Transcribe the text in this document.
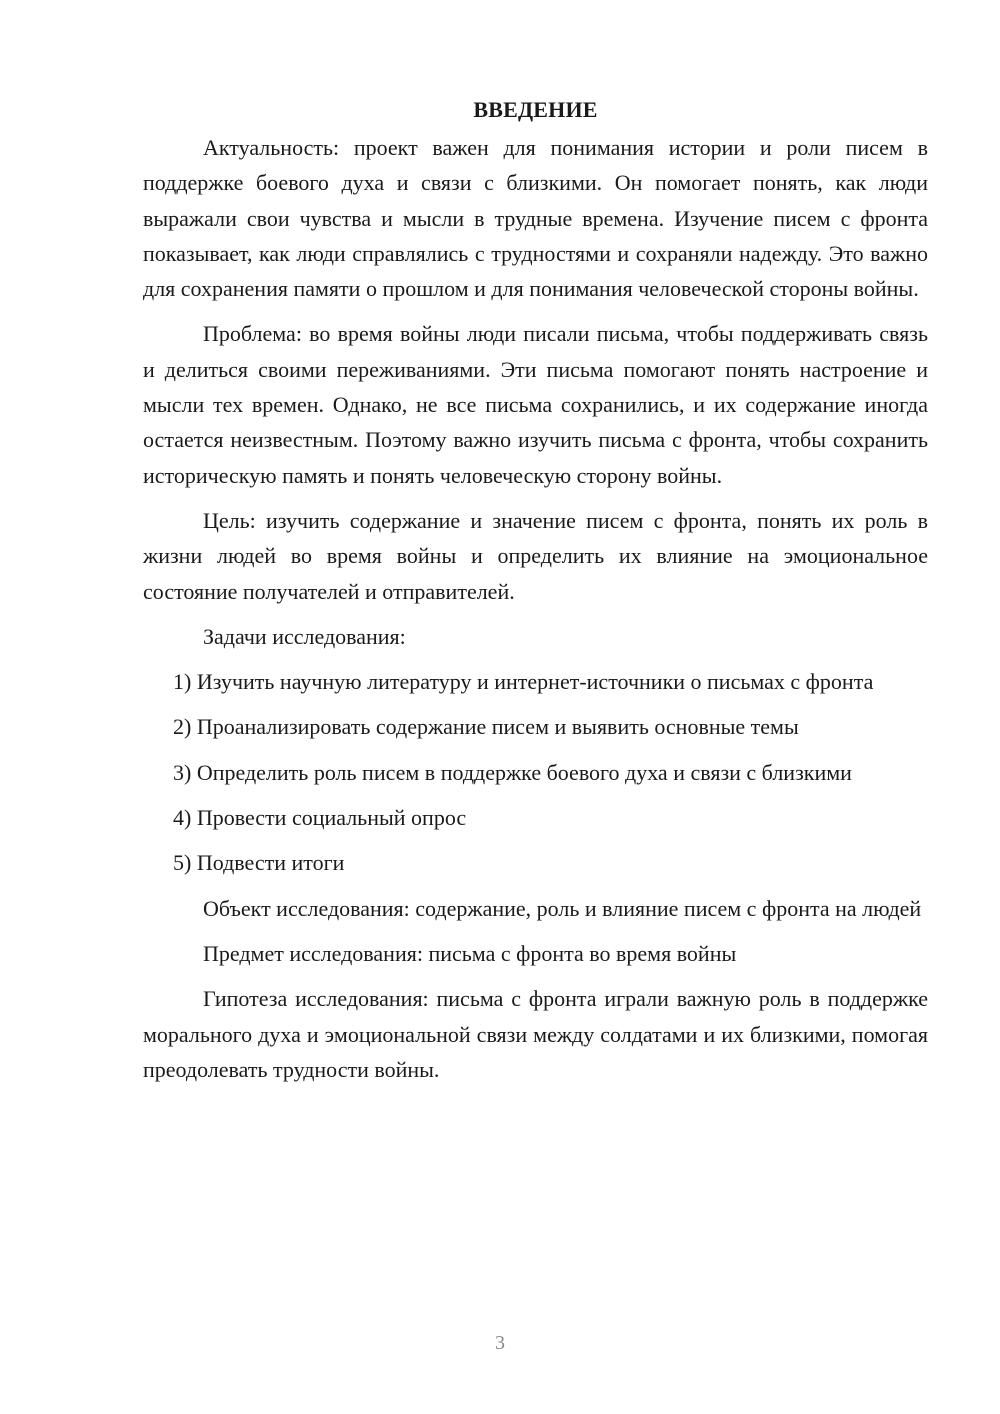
ВВЕДЕНИЕ

Актуальность: проект важен для понимания истории и роли писем в поддержке боевого духа и связи с близкими. Он помогает понять, как люди выражали свои чувства и мысли в трудные времена. Изучение писем с фронта показывает, как люди справлялись с трудностями и сохраняли надежду. Это важно для сохранения памяти о прошлом и для понимания человеческой стороны войны.

Проблема: во время войны люди писали письма, чтобы поддерживать связь и делиться своими переживаниями. Эти письма помогают понять настроение и мысли тех времен. Однако, не все письма сохранились, и их содержание иногда остается неизвестным. Поэтому важно изучить письма с фронта, чтобы сохранить историческую память и понять человеческую сторону войны.

Цель: изучить содержание и значение писем с фронта, понять их роль в жизни людей во время войны и определить их влияние на эмоциональное состояние получателей и отправителей.

Задачи исследования:

1) Изучить научную литературу и интернет-источники о письмах с фронта

2) Проанализировать содержание писем и выявить основные темы

3) Определить роль писем в поддержке боевого духа и связи с близкими

4) Провести социальный опрос

5) Подвести итоги

Объект исследования: содержание, роль и влияние писем с фронта на людей

Предмет исследования: письма с фронта во время войны

Гипотеза исследования: письма с фронта играли важную роль в поддержке морального духа и эмоциональной связи между солдатами и их близкими, помогая преодолевать трудности войны.

3
